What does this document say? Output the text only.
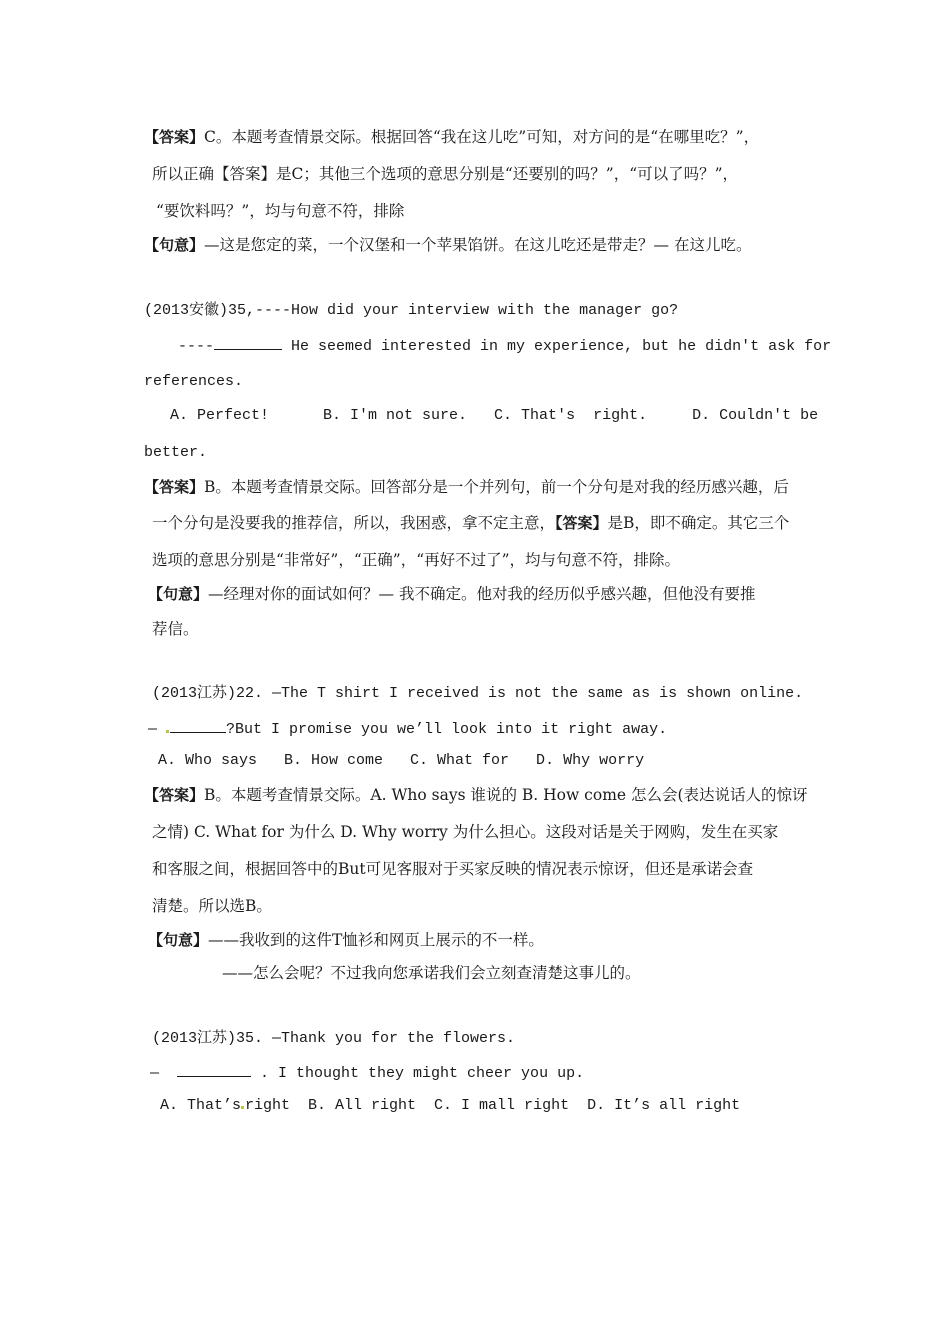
【答案】C。本题考查情景交际。根据回答“我在这儿吃”可知，对方问的是“在哪里吃？”，
所以正确【答案】是C；其他三个选项的意思分别是“还要别的吗？”，“可以了吗？”，
“要饮料吗？”，均与句意不符，排除
【句意】—这是您定的菜，一个汉堡和一个苹果馅饼。在这儿吃还是带走？— 在这儿吃。
(2013安徽)35,----How did your interview with the manager go?
----	He seemed interested in my experience, but he didn't ask for
references.
A. Perfect!      B. I'm not sure.   C. That's  right.     D. Couldn't be
better.
【答案】B。本题考查情景交际。回答部分是一个并列句，前一个分句是对我的经历感兴趣，后
一个分句是没要我的推荐信，所以，我困惑，拿不定主意，【答案】是B，即不确定。其它三个
选项的意思分别是“非常好”，“正确”，“再好不过了”，均与句意不符，排除。
【句意】—经理对你的面试如何？— 我不确定。他对我的经历似乎感兴趣，但他没有要推
荐信。
(2013江苏)22. —The T shirt I received is not the same as is shown online.
—	?But I promise you we’ll look into it right away.
A. Who says   B. How come   C. What for   D. Why worry
【答案】B。本题考查情景交际。A. Who says 谁说的 B. How come 怎么会(表达说话人的惊讶
之情) C. What for 为什么 D. Why worry 为什么担心。这段对话是关于网购，发生在买家
和客服之间，根据回答中的But可见客服对于买家反映的情况表示惊讶，但还是承诺会查
清楚。所以选B。
【句意】——我收到的这件T恤衫和网页上展示的不一样。
——怎么会呢？不过我向您承诺我们会立刻查清楚这事儿的。
(2013江苏)35. —Thank you for the flowers.
—	. I thought they might cheer you up.
A. That’s right  B. All right  C. I mall right  D. It’s all right
